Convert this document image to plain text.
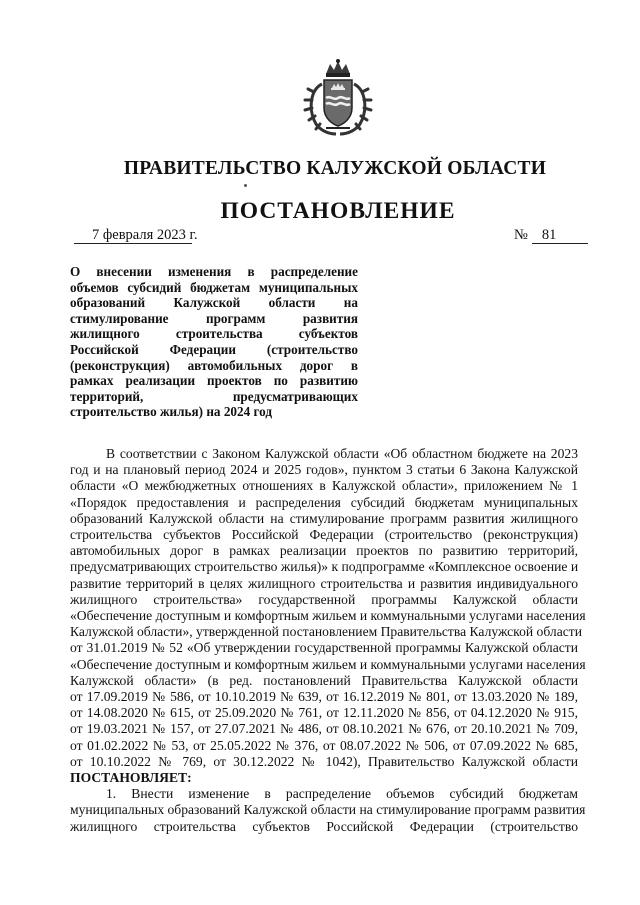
ПРАВИТЕЛЬСТВО КАЛУЖСКОЙ ОБЛАСТИ
ПОСТАНОВЛЕНИЕ
7 февраля 2023 г.	№ 81
О внесении изменения в распределение
объемов субсидий бюджетам муниципальных
образований Калужской области на
стимулирование программ развития
жилищного строительства субъектов
Российской Федерации (строительство
(реконструкция) автомобильных дорог в
рамках реализации проектов по развитию
территорий, предусматривающих
строительство жилья) на 2024 год
В соответствии с Законом Калужской области «Об областном бюджете на 2023
год и на плановый период 2024 и 2025 годов», пунктом 3 статьи 6 Закона Калужской
области «О межбюджетных отношениях в Калужской области», приложением № 1
«Порядок предоставления и распределения субсидий бюджетам муниципальных
образований Калужской области на стимулирование программ развития жилищного
строительства субъектов Российской Федерации (строительство (реконструкция)
автомобильных дорог в рамках реализации проектов по развитию территорий,
предусматривающих строительство жилья)» к подпрограмме «Комплексное освоение и
развитие территорий в целях жилищного строительства и развития индивидуального
жилищного строительства» государственной программы Калужской области
«Обеспечение доступным и комфортным жильем и коммунальными услугами населения
Калужской области», утвержденной постановлением Правительства Калужской области
от 31.01.2019 № 52 «Об утверждении государственной программы Калужской области
«Обеспечение доступным и комфортным жильем и коммунальными услугами населения
Калужской области» (в ред. постановлений Правительства Калужской области
от 17.09.2019 № 586, от 10.10.2019 № 639, от 16.12.2019 № 801, от 13.03.2020 № 189,
от 14.08.2020 № 615, от 25.09.2020 № 761, от 12.11.2020 № 856, от 04.12.2020 № 915,
от 19.03.2021 № 157, от 27.07.2021 № 486, от 08.10.2021 № 676, от 20.10.2021 № 709,
от 01.02.2022 № 53, от 25.05.2022 № 376, от 08.07.2022 № 506, от 07.09.2022 № 685,
от 10.10.2022 № 769, от 30.12.2022 № 1042), Правительство Калужской области
ПОСТАНОВЛЯЕТ:
1. Внести изменение в распределение объемов субсидий бюджетам
муниципальных образований Калужской области на стимулирование программ развития
жилищного строительства субъектов Российской Федерации (строительство
